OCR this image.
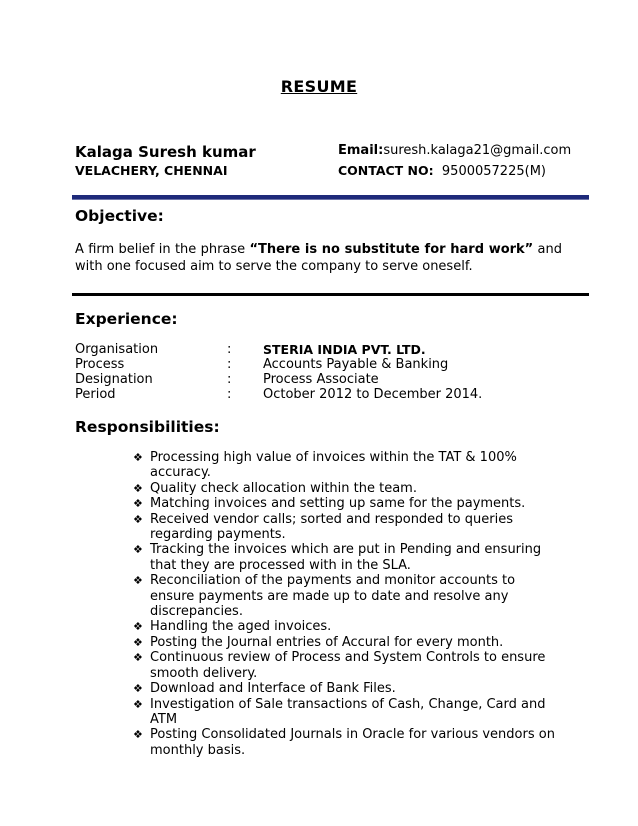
RESUME
Kalaga Suresh kumar
VELACHERY, CHENNAI
Email:suresh.kalaga21@gmail.com
CONTACT NO: 9500057225(M)
Objective:
A firm belief in the phrase “There is no substitute for hard work” and with one focused aim to serve the company to serve oneself.
Experience:
Organisation	:	STERIA INDIA PVT. LTD.
Process	: Accounts Payable & Banking
Designation	: Process Associate
Period	: October 2012 to December 2014.
Responsibilities:
❖ Processing high value of invoices within the TAT & 100% accuracy.
❖ Quality check allocation within the team.
❖ Matching invoices and setting up same for the payments.
❖ Received vendor calls; sorted and responded to queries regarding payments.
❖ Tracking the invoices which are put in Pending and ensuring that they are processed with in the SLA.
❖ Reconciliation of the payments and monitor accounts to ensure payments are made up to date and resolve any discrepancies.
❖ Handling the aged invoices.
❖ Posting the Journal entries of Accural for every month.
❖ Continuous review of Process and System Controls to ensure smooth delivery.
❖ Download and Interface of Bank Files.
❖ Investigation of Sale transactions of Cash, Change, Card and ATM
❖ Posting Consolidated Journals in Oracle for various vendors on monthly basis.
